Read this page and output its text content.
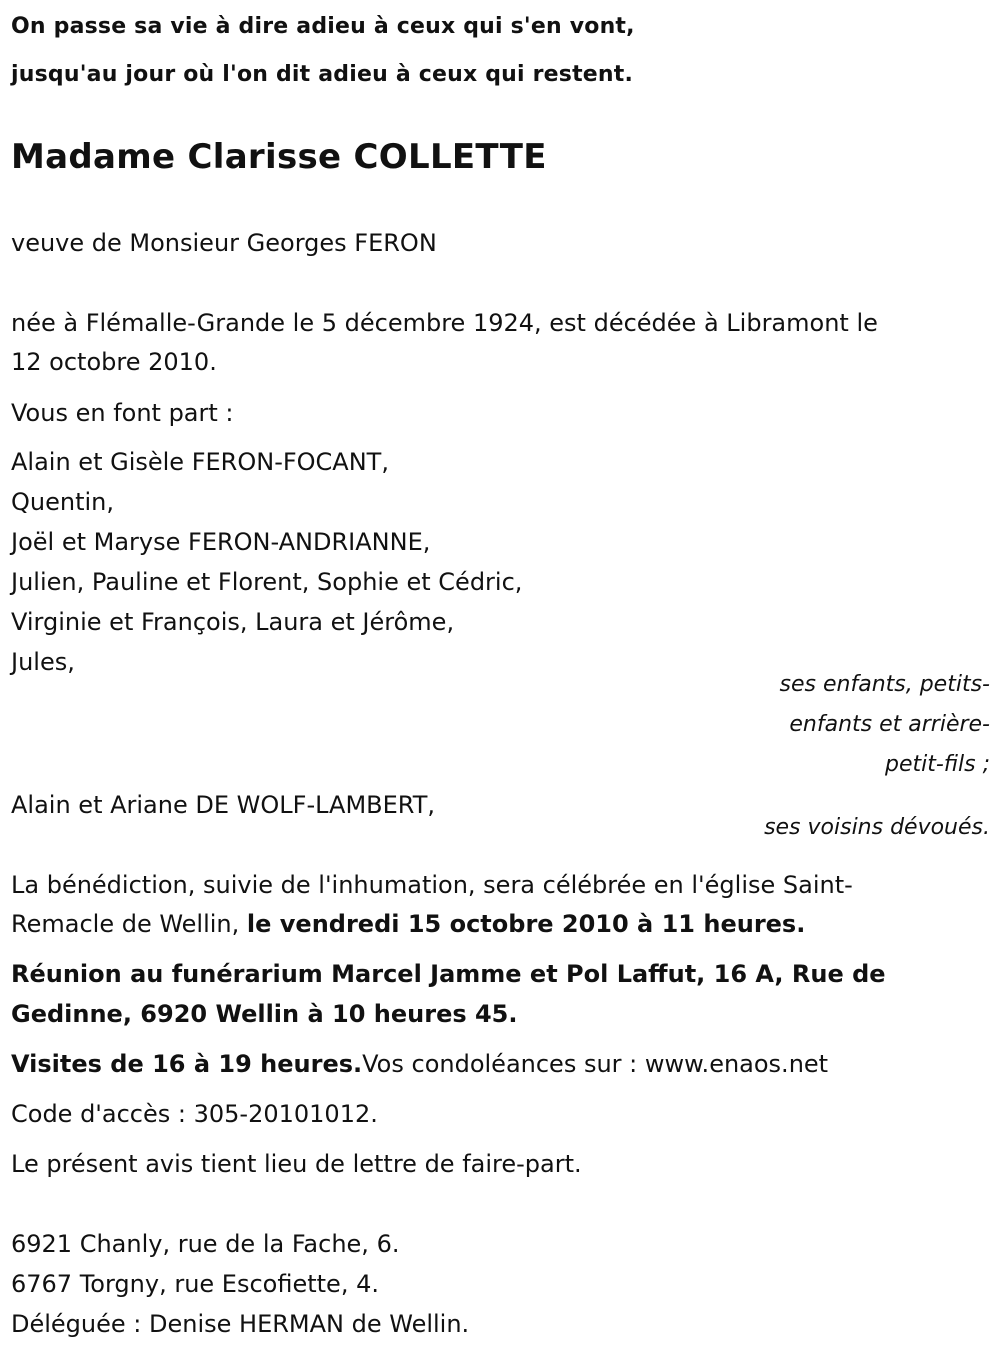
On passe sa vie à dire adieu à ceux qui s'en vont,

jusqu'au jour où l'on dit adieu à ceux qui restent.

Madame Clarisse COLLETTE

veuve de Monsieur Georges FERON

née à Flémalle-Grande le 5 décembre 1924, est décédée à Libramont le

12 octobre 2010.

Vous en font part :

Alain et Gisèle FERON-FOCANT,

Quentin,

Joël et Maryse FERON-ANDRIANNE,

Julien, Pauline et Florent, Sophie et Cédric,

Virginie et François, Laura et Jérôme,

Jules,

ses enfants, petits-

enfants et arrière-

petit-fils ;

Alain et Ariane DE WOLF-LAMBERT,

ses voisins dévoués.

La bénédiction, suivie de l'inhumation, sera célébrée en l'église Saint-

Remacle de Wellin, le vendredi 15 octobre 2010 à 11 heures.

Réunion au funérarium Marcel Jamme et Pol Laffut, 16 A, Rue de

Gedinne, 6920 Wellin à 10 heures 45.

Visites de 16 à 19 heures.Vos condoléances sur : www.enaos.net

Code d'accès : 305-20101012.

Le présent avis tient lieu de lettre de faire-part.

6921 Chanly, rue de la Fache, 6.

6767 Torgny, rue Escofiette, 4.

Déléguée : Denise HERMAN de Wellin.
